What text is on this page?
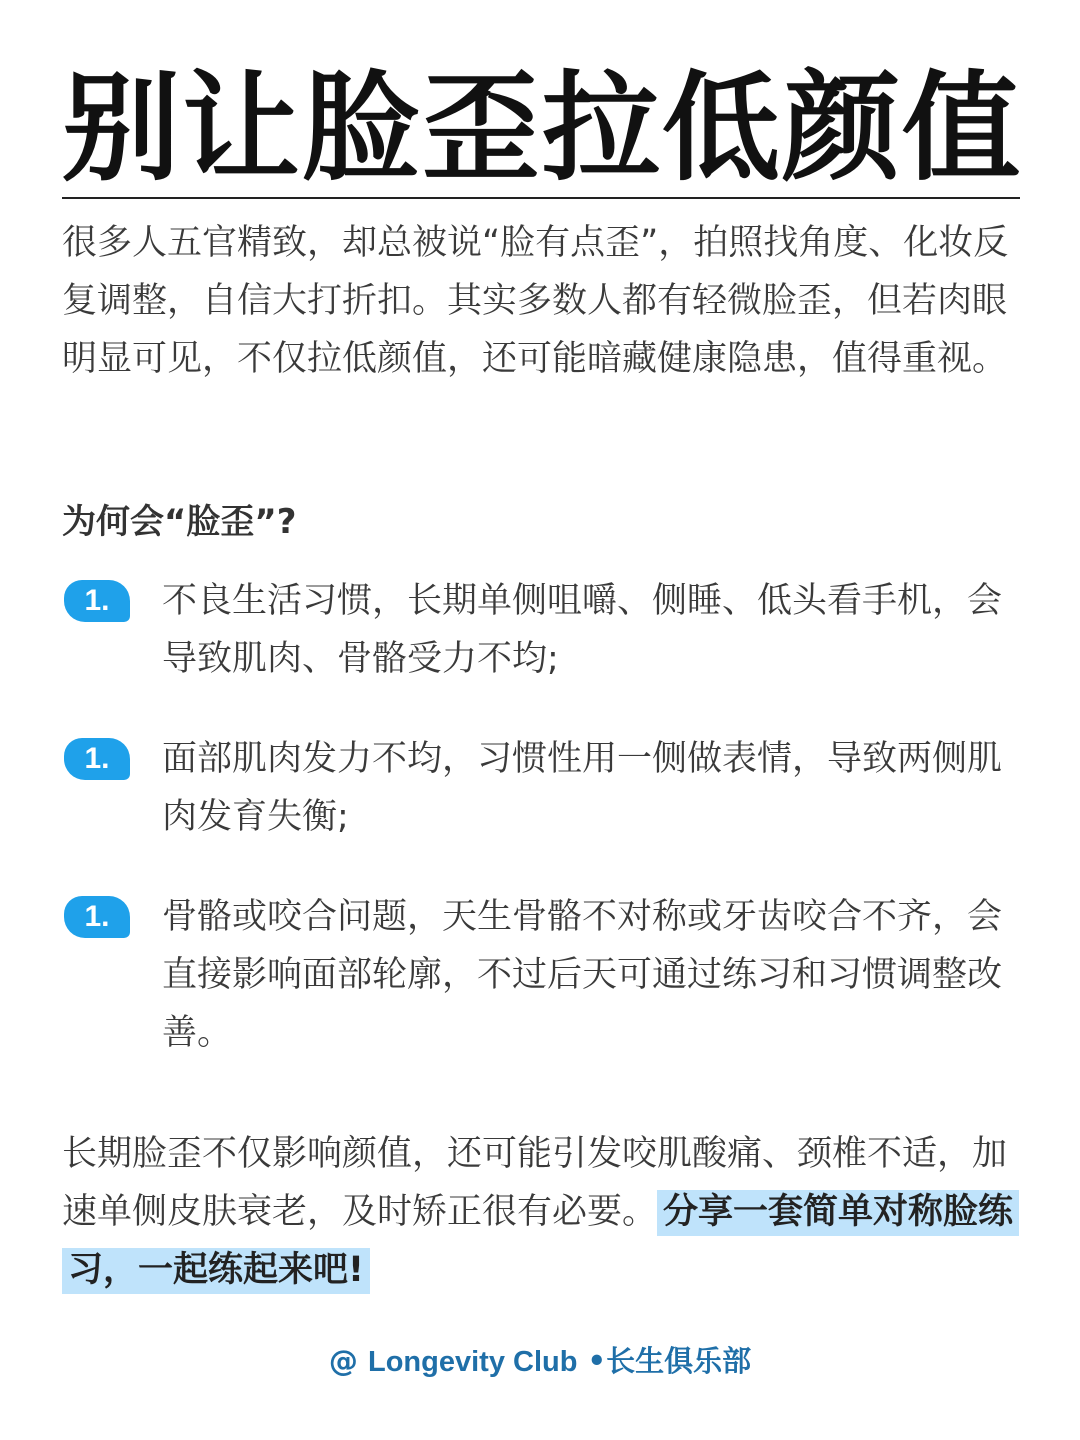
别让脸歪拉低颜值

很多人五官精致，却总被说“脸有点歪”，拍照找角度、化妆反复调整，自信大打折扣。其实多数人都有轻微脸歪，但若肉眼明显可见，不仅拉低颜值，还可能暗藏健康隐患，值得重视。

为何会“脸歪”?
1.	不良生活习惯，长期单侧咀嚼、侧睡、低头看手机，会导致肌肉、骨骼受力不均;

1.	面部肌肉发力不均，习惯性用一侧做表情，导致两侧肌肉发育失衡;

1.	骨骼或咬合问题，天生骨骼不对称或牙齿咬合不齐，会直接影响面部轮廓，不过后天可通过练习和习惯调整改善。

长期脸歪不仅影响颜值，还可能引发咬肌酸痛、颈椎不适，加速单侧皮肤衰老，及时矫正很有必要。 分享一套简单对称脸练习，一起练起来吧!

@ Longevity Club •长生俱乐部
